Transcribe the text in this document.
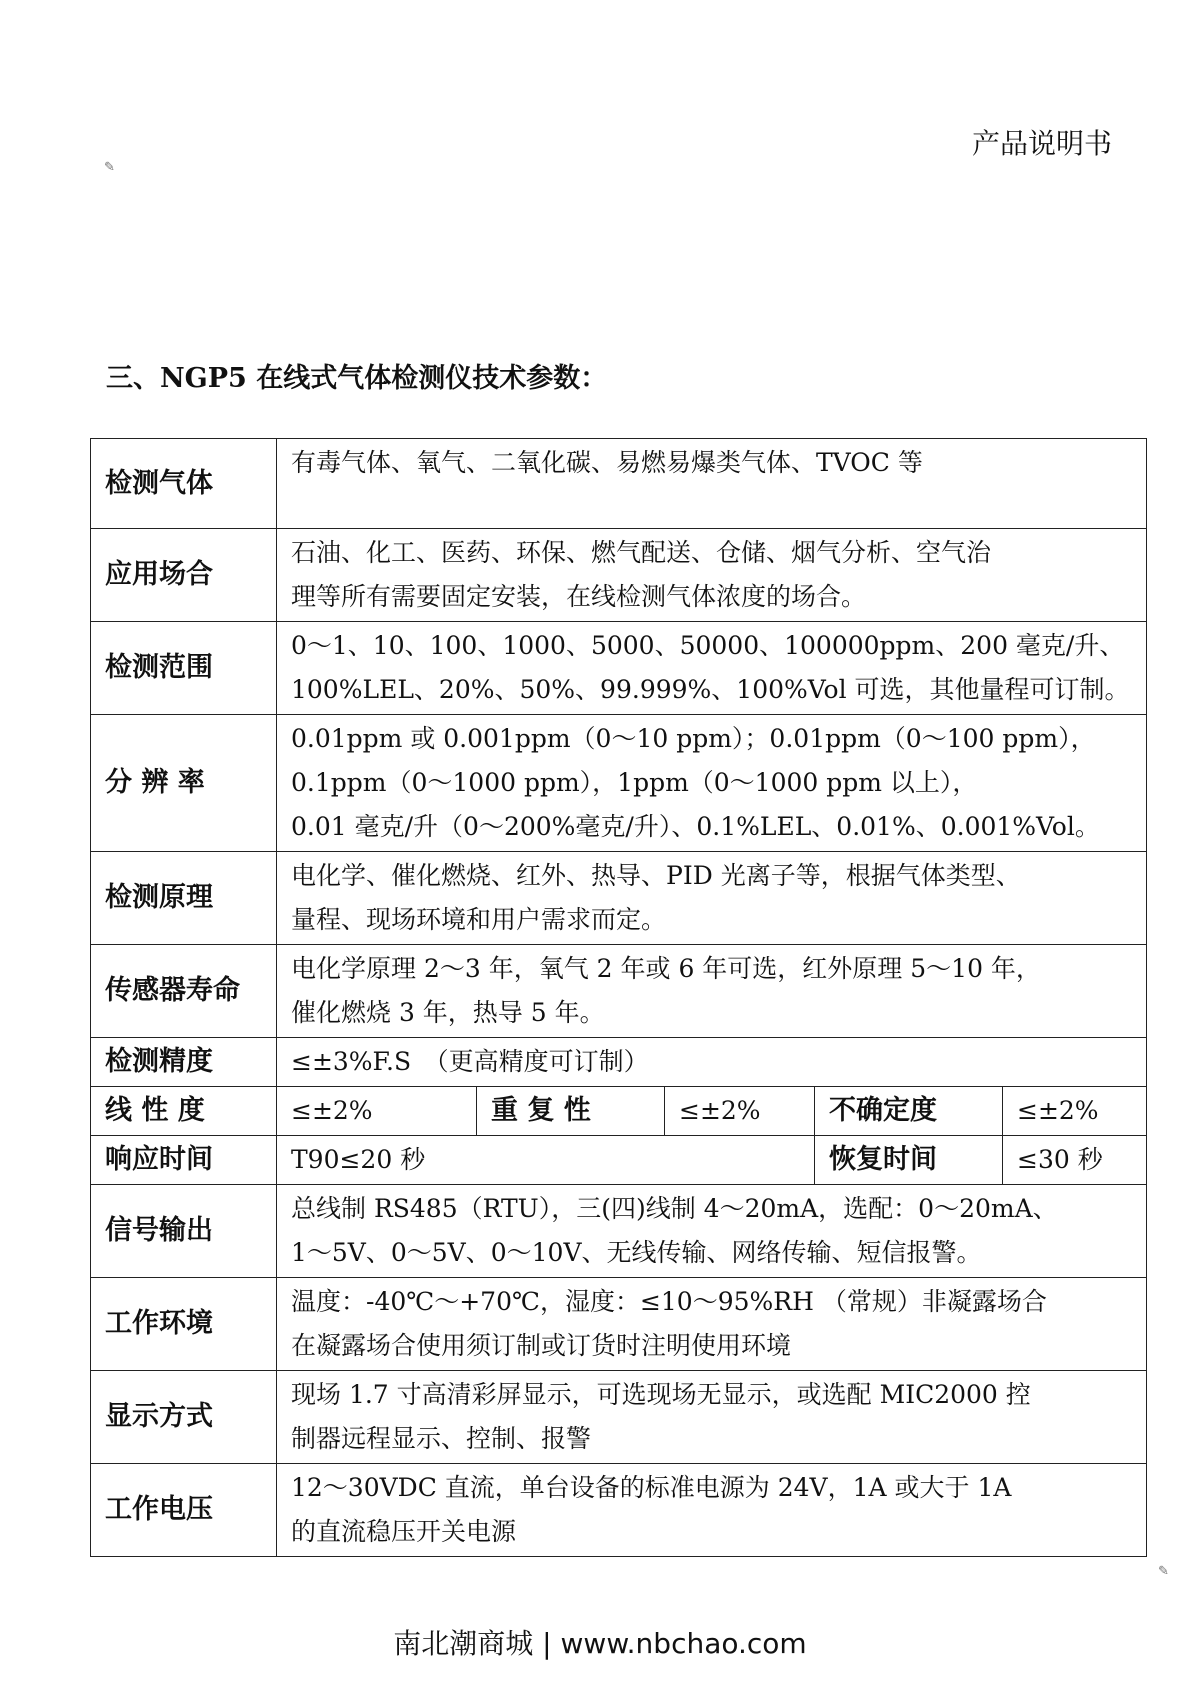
产品说明书
✎
✎
三、NGP5 在线式气体检测仪技术参数：
检测气体	有毒气体、氧气、二氧化碳、易燃易爆类气体、TVOC 等				

应用场合	石油、化工、医药、环保、燃气配送、仓储、烟气分析、空气治
理等所有需要固定安装，在线检测气体浓度的场合。				

检测范围	0～1、10、100、1000、5000、50000、100000ppm、200 毫克/升、
100%LEL、20%、50%、99.999%、100%Vol 可选，其他量程可订制。				

分 辨 率	0.01ppm 或 0.001ppm（0～10 ppm）；0.01ppm（0～100 ppm），
0.1ppm（0～1000 ppm），1ppm（0～1000 ppm 以上），
0.01 毫克/升（0～200%毫克/升）、0.1%LEL、0.01%、0.001%Vol。				

检测原理	电化学、催化燃烧、红外、热导、PID 光离子等，根据气体类型、
量程、现场环境和用户需求而定。				

传感器寿命	电化学原理 2～3 年，氧气 2 年或 6 年可选，红外原理 5～10 年，
催化燃烧 3 年，热导 5 年。				

检测精度	≤±3%F.S　（更高精度可订制）				
线 性 度	≤±2%	重 复 性	≤±2%	不确定度	≤±2%
响应时间	T90≤20 秒			恢复时间	≤30 秒
信号输出	总线制 RS485（RTU），三(四)线制 4～20mA，选配：0～20mA、
1～5V、0～5V、0～10V、无线传输、网络传输、短信报警。				

工作环境	温度：-40℃～+70℃，湿度：≤10～95%RH （常规）非凝露场合
在凝露场合使用须订制或订货时注明使用环境				

显示方式	现场 1.7 寸高清彩屏显示，可选现场无显示，或选配 MIC2000 控
制器远程显示、控制、报警				

工作电压	12～30VDC 直流，单台设备的标准电源为 24V，1A 或大于 1A
的直流稳压开关电源				
南北潮商城 | www.nbchao.com
